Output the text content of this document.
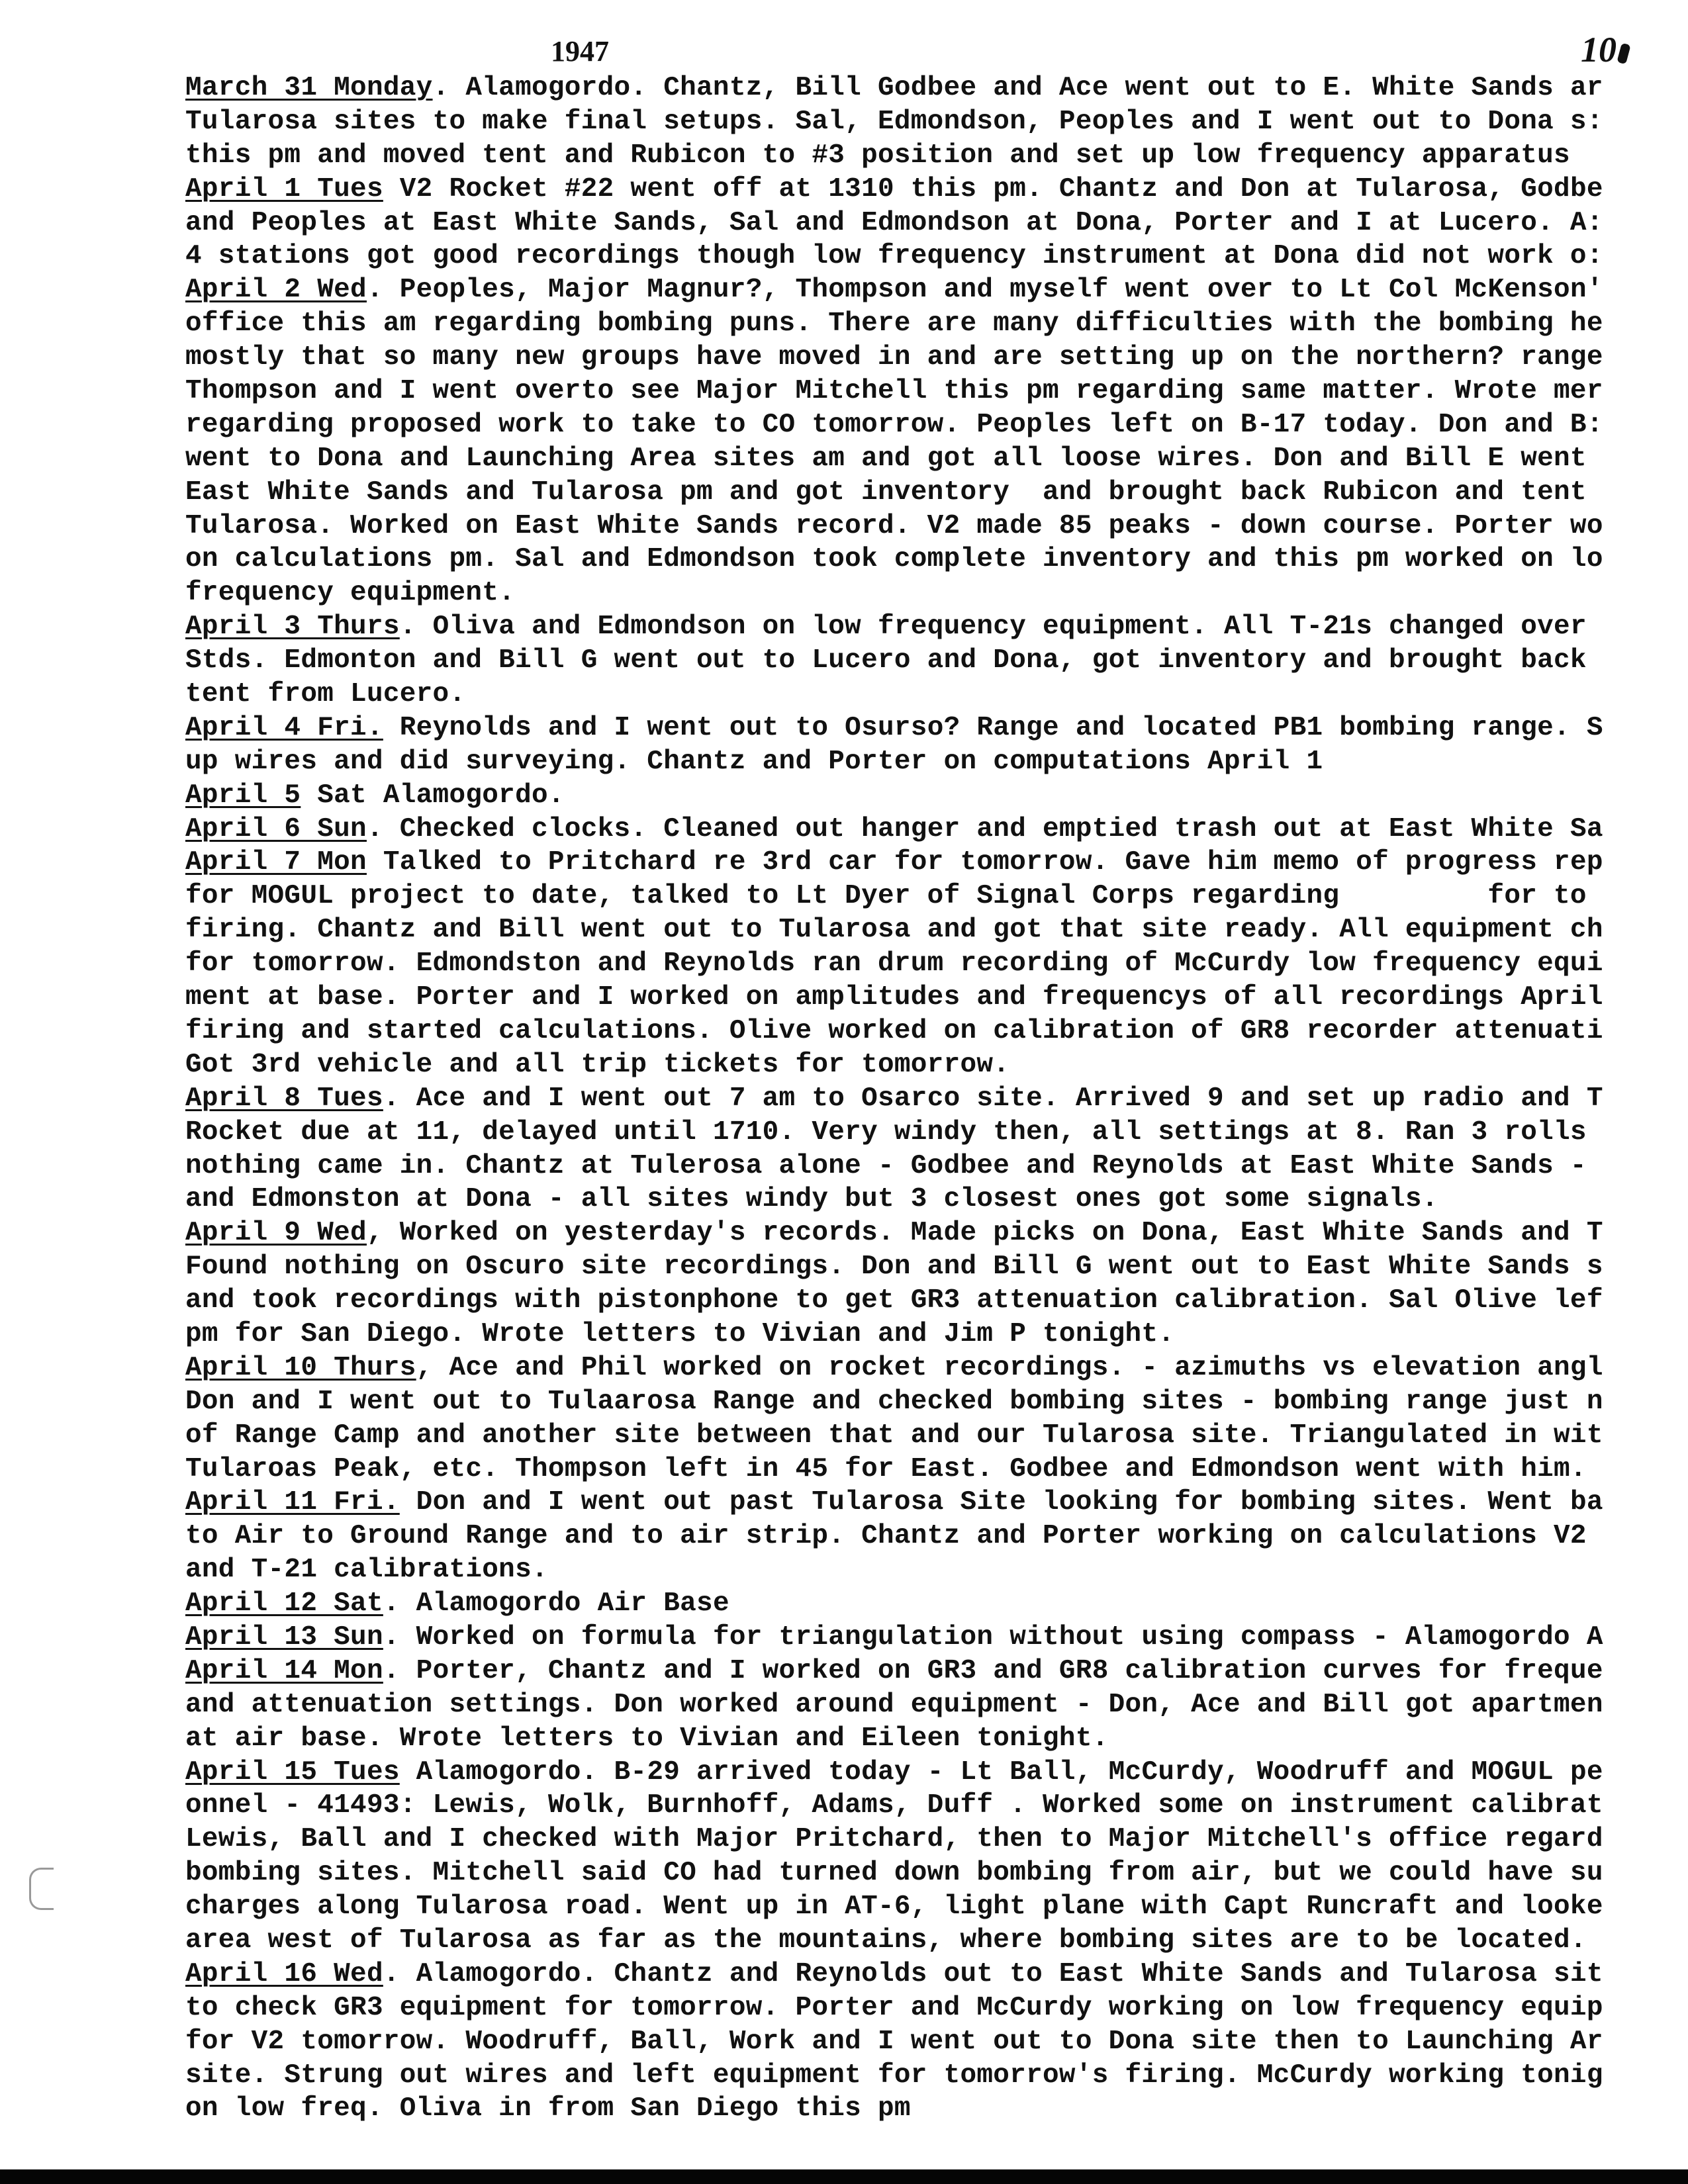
1947	10
March 31 Monday. Alamogordo. Chantz, Bill Godbee and Ace went out to E. White Sands ar
Tularosa sites to make final setups. Sal, Edmondson, Peoples and I went out to Dona s:
this pm and moved tent and Rubicon to #3 position and set up low frequency apparatus
April 1 Tues V2 Rocket #22 went off at 1310 this pm. Chantz and Don at Tularosa, Godbe
and Peoples at East White Sands, Sal and Edmondson at Dona, Porter and I at Lucero. A:
4 stations got good recordings though low frequency instrument at Dona did not work o:
April 2 Wed. Peoples, Major Magnur?, Thompson and myself went over to Lt Col McKenson'
office this am regarding bombing puns. There are many difficulties with the bombing he
mostly that so many new groups have moved in and are setting up on the northern? range
Thompson and I went overto see Major Mitchell this pm regarding same matter. Wrote mer
regarding proposed work to take to CO tomorrow. Peoples left on B-17 today. Don and B:
went to Dona and Launching Area sites am and got all loose wires. Don and Bill E went
East White Sands and Tularosa pm and got inventory  and brought back Rubicon and tent
Tularosa. Worked on East White Sands record. V2 made 85 peaks - down course. Porter wo
on calculations pm. Sal and Edmondson took complete inventory and this pm worked on lo
frequency equipment.
April 3 Thurs. Oliva and Edmondson on low frequency equipment. All T-21s changed over
Stds. Edmonton and Bill G went out to Lucero and Dona, got inventory and brought back
tent from Lucero.
April 4 Fri. Reynolds and I went out to Osurso? Range and located PB1 bombing range. S
up wires and did surveying. Chantz and Porter on computations April 1
April 5 Sat Alamogordo.
April 6 Sun. Checked clocks. Cleaned out hanger and emptied trash out at East White Sa
April 7 Mon Talked to Pritchard re 3rd car for tomorrow. Gave him memo of progress rep
for MOGUL project to date, talked to Lt Dyer of Signal Corps regarding         for to
firing. Chantz and Bill went out to Tularosa and got that site ready. All equipment ch
for tomorrow. Edmondston and Reynolds ran drum recording of McCurdy low frequency equi
ment at base. Porter and I worked on amplitudes and frequencys of all recordings April
firing and started calculations. Olive worked on calibration of GR8 recorder attenuati
Got 3rd vehicle and all trip tickets for tomorrow.
April 8 Tues. Ace and I went out 7 am to Osarco site. Arrived 9 and set up radio and T
Rocket due at 11, delayed until 1710. Very windy then, all settings at 8. Ran 3 rolls
nothing came in. Chantz at Tulerosa alone - Godbee and Reynolds at East White Sands -
and Edmonston at Dona - all sites windy but 3 closest ones got some signals.
April 9 Wed, Worked on yesterday's records. Made picks on Dona, East White Sands and T
Found nothing on Oscuro site recordings. Don and Bill G went out to East White Sands s
and took recordings with pistonphone to get GR3 attenuation calibration. Sal Olive lef
pm for San Diego. Wrote letters to Vivian and Jim P tonight.
April 10 Thurs, Ace and Phil worked on rocket recordings. - azimuths vs elevation angl
Don and I went out to Tulaarosa Range and checked bombing sites - bombing range just n
of Range Camp and another site between that and our Tularosa site. Triangulated in wit
Tularoas Peak, etc. Thompson left in 45 for East. Godbee and Edmondson went with him.
April 11 Fri. Don and I went out past Tularosa Site looking for bombing sites. Went ba
to Air to Ground Range and to air strip. Chantz and Porter working on calculations V2
and T-21 calibrations.
April 12 Sat. Alamogordo Air Base
April 13 Sun. Worked on formula for triangulation without using compass - Alamogordo A
April 14 Mon. Porter, Chantz and I worked on GR3 and GR8 calibration curves for freque
and attenuation settings. Don worked around equipment - Don, Ace and Bill got apartmen
at air base. Wrote letters to Vivian and Eileen tonight.
April 15 Tues Alamogordo. B-29 arrived today - Lt Ball, McCurdy, Woodruff and MOGUL pe
onnel - 41493: Lewis, Wolk, Burnhoff, Adams, Duff . Worked some on instrument calibrat
Lewis, Ball and I checked with Major Pritchard, then to Major Mitchell's office regard
bombing sites. Mitchell said CO had turned down bombing from air, but we could have su
charges along Tularosa road. Went up in AT-6, light plane with Capt Runcraft and looke
area west of Tularosa as far as the mountains, where bombing sites are to be located.
April 16 Wed. Alamogordo. Chantz and Reynolds out to East White Sands and Tularosa sit
to check GR3 equipment for tomorrow. Porter and McCurdy working on low frequency equip
for V2 tomorrow. Woodruff, Ball, Work and I went out to Dona site then to Launching Ar
site. Strung out wires and left equipment for tomorrow's firing. McCurdy working tonig
on low freq. Oliva in from San Diego this pm
